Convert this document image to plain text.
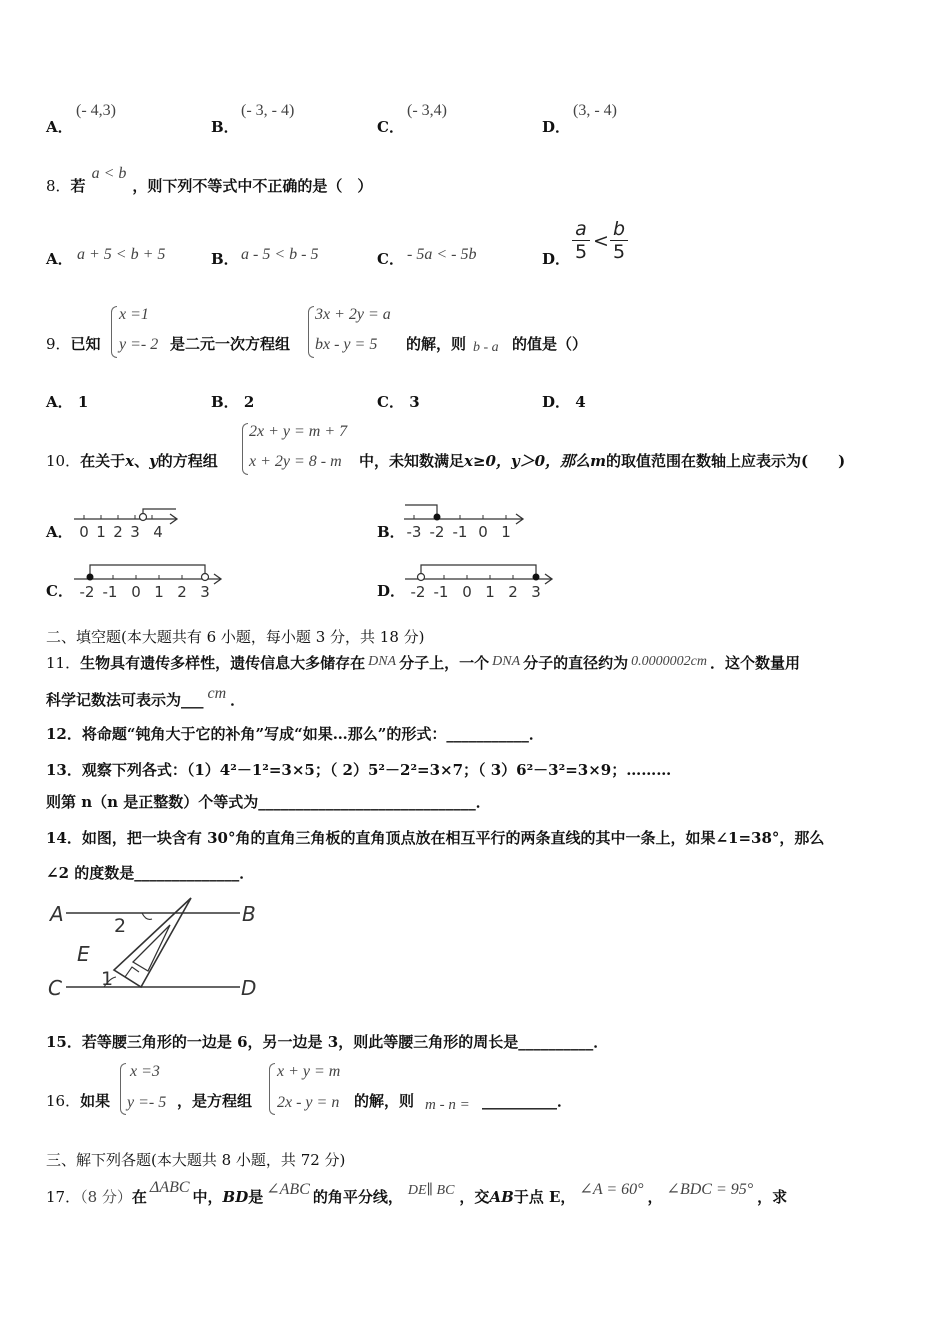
A．
(- 4,3)
B．
(- 3, - 4)
C．
(- 3,4)
D．
(3, - 4)
8．若a < b，则下列不等式中不正确的是（　）
A． a + 5 < b + 5	B． a - 5 < b - 5	C． - 5a < - 5b	D． $\frac{a}{5} < \frac{b}{5}$
9．已知
x =1
y =- 2 是二元一次方程组
3x + 2y = a
bx - y = 5 的解，则 b - a 的值是（）
A． 1	B． 2	C． 3	D． 4
10．在关于x、y的方程组
2x + y = m + 7
x + 2y = 8 - m 中，未知数满足x≥0，y＞0，那么m的取值范围在数轴上应表示为(　　)
A． 0 1 2 3 4	B． -3 -2 -1 0 1
C． -2 -1 0 1 2 3	D． -2 -1 0 1 2 3
二、填空题(本大题共有 6 小题，每小题 3 分，共 18 分)
11．生物具有遗传多样性，遗传信息大多储存在 DNA 分子上，一个 DNA 分子的直径约为 0.0000002cm ．这个数量用
科学记数法可表示为___ cm ．
12．将命题“钝角大于它的补角”写成“如果…那么”的形式：___________．
13．观察下列各式：（1）4²－1²=3×5；（ 2）5²－2²=3×7；（ 3）6²－3²=3×9；………
则第 n（n 是正整数）个等式为_____________________________．
14．如图，把一块含有 30°角的直角三角板的直角顶点放在相互平行的两条直线的其中一条上，如果∠1=38°，那么
∠2 的度数是______________．
A	B
C	D
E
1
2
15．若等腰三角形的一边是 6，另一边是 3，则此等腰三角形的周长是__________．
16．如果
x =3
y =- 5 ，是方程组
x + y = m
2x - y = n 的解，则 m - n = __________．
三、解下列各题(本大题共 8 小题，共 72 分)
17．（8 分）在ΔABC中，BD是 ∠ABC 的角平分线， DE∥ BC ，交AB于点 E， ∠A = 60° ， ∠BDC = 95° ，求
